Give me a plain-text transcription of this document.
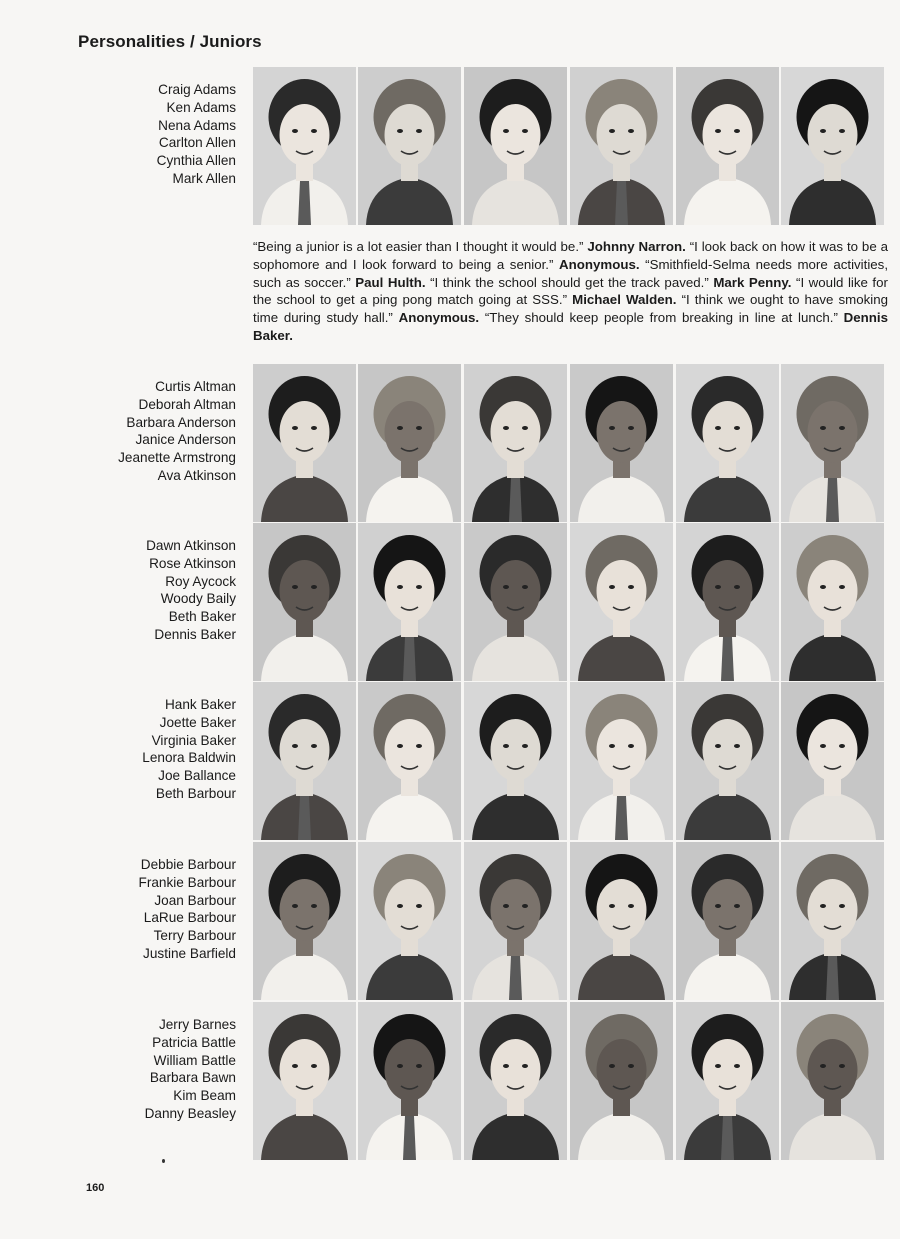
Personalities / Juniors
Craig Adams
Ken Adams
Nena Adams
Carlton Allen
Cynthia Allen
Mark Allen
Curtis Altman
Deborah Altman
Barbara Anderson
Janice Anderson
Jeanette Armstrong
Ava Atkinson
Dawn Atkinson
Rose Atkinson
Roy Aycock
Woody Baily
Beth Baker
Dennis Baker
Hank Baker
Joette Baker
Virginia Baker
Lenora Baldwin
Joe Ballance
Beth Barbour
Debbie Barbour
Frankie Barbour
Joan Barbour
LaRue Barbour
Terry Barbour
Justine Barfield
Jerry Barnes
Patricia Battle
William Battle
Barbara Bawn
Kim Beam
Danny Beasley
“Being a junior is a lot easier than I thought it would be.” Johnny Narron. “I look back on how it was to be a sophomore and I look forward to being a senior.” Anonymous. “Smithfield-Selma needs more activities, such as soccer.” Paul Hulth. “I think the school should get the track paved.” Mark Penny. “I would like for the school to get a ping pong match going at SSS.” Michael Walden. “I think we ought to have smoking time during study hall.” Anonymous. “They should keep people from breaking in line at lunch.” Dennis Baker.
160
